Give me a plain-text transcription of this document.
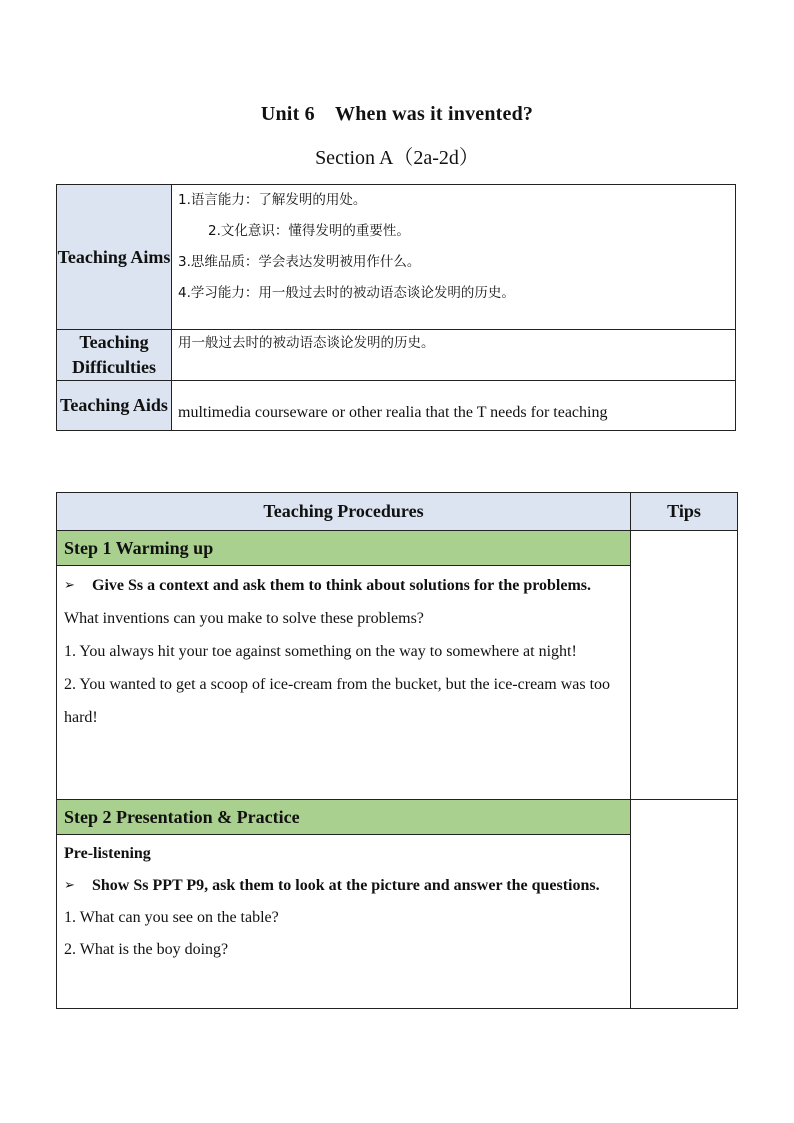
Unit 6　When was it invented?
Section A（2a-2d）
Teaching Aims	1.语言能力：了解发明的用处。
2.文化意识：懂得发明的重要性。
3.思维品质：学会表达发明被用作什么。
4.学习能力：用一般过去时的被动语态谈论发明的历史。

Teaching Difficulties	用一般过去时的被动语态谈论发明的历史。
Teaching Aids	multimedia courseware or other realia that the T needs for teaching
Teaching Procedures	Tips
Step 1 Warming up	

➢ Give Ss a context and ask them to think about solutions for the problems.
What inventions can you make to solve these problems?
1. You always hit your toe against something on the way to somewhere at night!
2. You wanted to get a scoop of ice-cream from the bucket, but the ice-cream was too hard!	

Step 2 Presentation & Practice	

Pre-listening
➢ Show Ss PPT P9, ask them to look at the picture and answer the questions.
1. What can you see on the table?
2. What is the boy doing?	
